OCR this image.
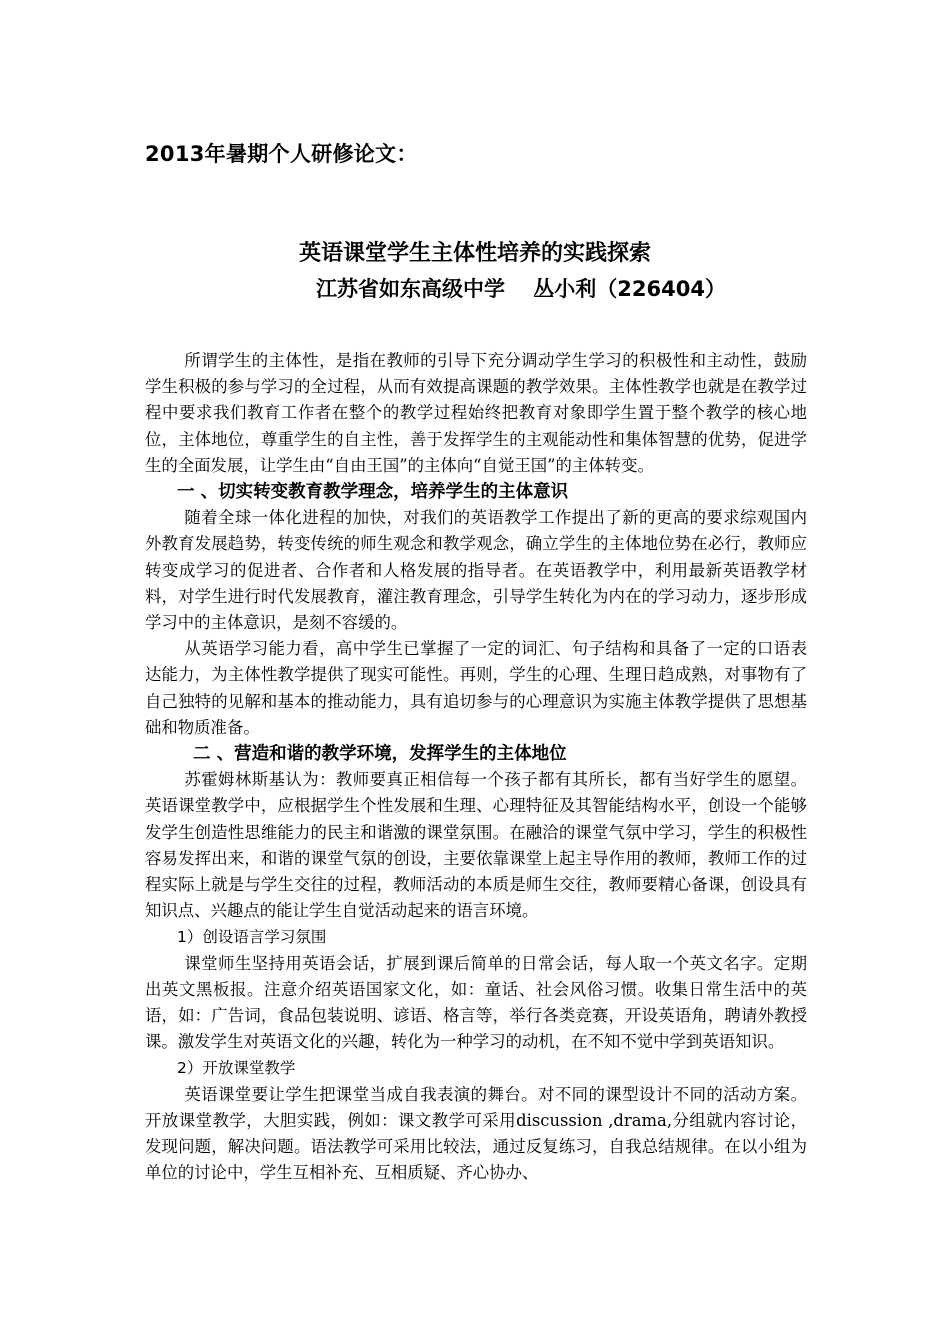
2013年暑期个人研修论文：
英语课堂学生主体性培养的实践探索
江苏省如东高级中学　 丛小利（226404）

所谓学生的主体性，是指在教师的引导下充分调动学生学习的积极性和主动性，鼓励学生积极的参与学习的全过程，从而有效提高课题的教学效果。主体性教学也就是在教学过程中要求我们教育工作者在整个的教学过程始终把教育对象即学生置于整个教学的核心地位，主体地位，尊重学生的自主性，善于发挥学生的主观能动性和集体智慧的优势，促进学生的全面发展，让学生由“自由王国”的主体向“自觉王国”的主体转变。

一 、切实转变教育教学理念，培养学生的主体意识

随着全球一体化进程的加快，对我们的英语教学工作提出了新的更高的要求综观国内外教育发展趋势，转变传统的师生观念和教学观念，确立学生的主体地位势在必行，教师应转变成学习的促进者、合作者和人格发展的指导者。在英语教学中，利用最新英语教学材料，对学生进行时代发展教育，灌注教育理念，引导学生转化为内在的学习动力，逐步形成学习中的主体意识，是刻不容缓的。

从英语学习能力看，高中学生已掌握了一定的词汇、句子结构和具备了一定的口语表达能力，为主体性教学提供了现实可能性。再则，学生的心理、生理日趋成熟，对事物有了自己独特的见解和基本的推动能力，具有追切参与的心理意识为实施主体教学提供了思想基础和物质准备。

二 、营造和谐的教学环境，发挥学生的主体地位

苏霍姆林斯基认为：教师要真正相信每一个孩子都有其所长，都有当好学生的愿望。英语课堂教学中，应根据学生个性发展和生理、心理特征及其智能结构水平，创设一个能够发学生创造性思维能力的民主和谐激的课堂氛围。在融洽的课堂气氛中学习，学生的积极性容易发挥出来，和谐的课堂气氛的创设，主要依靠课堂上起主导作用的教师，教师工作的过程实际上就是与学生交往的过程，教师活动的本质是师生交往，教师要精心备课，创设具有知识点、兴趣点的能让学生自觉活动起来的语言环境。

1）创设语言学习氛围

课堂师生坚持用英语会话，扩展到课后简单的日常会话，每人取一个英文名字。定期出英文黑板报。注意介绍英语国家文化，如：童话、社会风俗习惯。收集日常生活中的英语，如：广告词，食品包装说明、谚语、格言等，举行各类竞赛，开设英语角，聘请外教授课。激发学生对英语文化的兴趣，转化为一种学习的动机，在不知不觉中学到英语知识。

2）开放课堂教学

英语课堂要让学生把课堂当成自我表演的舞台。对不同的课型设计不同的活动方案。开放课堂教学，大胆实践，例如：课文教学可采用discussion ,drama,分组就内容讨论，发现问题，解决问题。语法教学可采用比较法，通过反复练习，自我总结规律。在以小组为单位的讨论中，学生互相补充、互相质疑、齐心协办、
